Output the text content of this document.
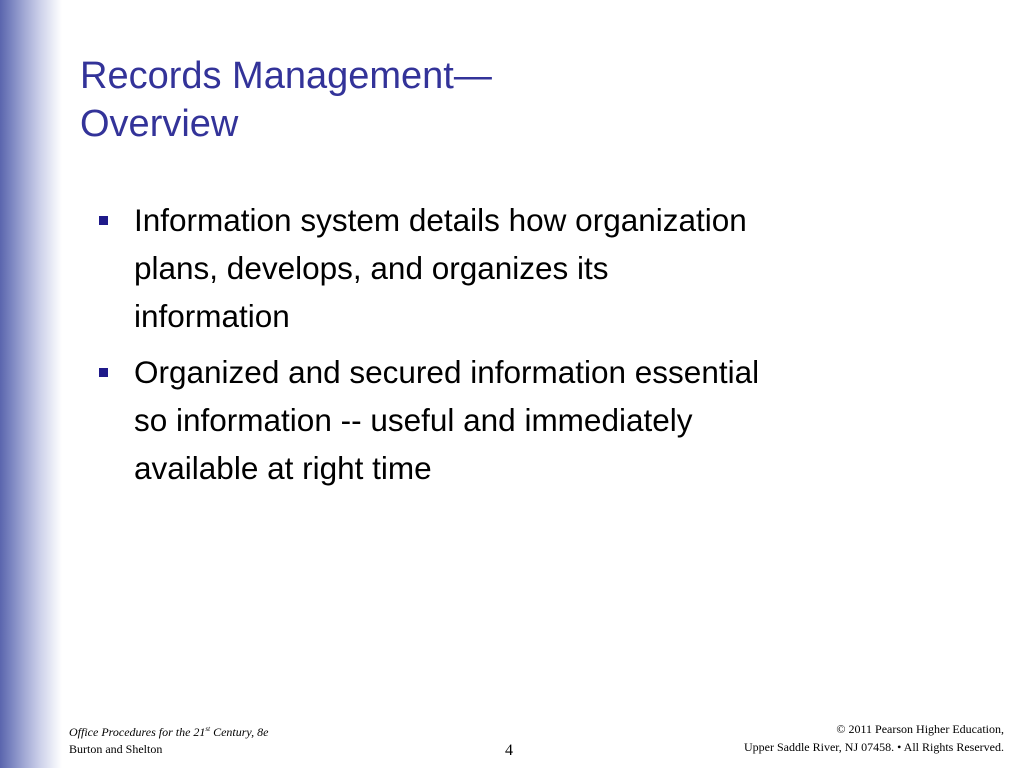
Records Management—
Overview
Information system details how organization
plans, develops, and organizes its
information
Organized and secured information essential
so information -- useful and immediately
available at right time
Office Procedures for the 21st Century, 8e
Burton and Shelton	4
© 2011 Pearson Higher Education,
Upper Saddle River, NJ 07458. • All Rights Reserved.
